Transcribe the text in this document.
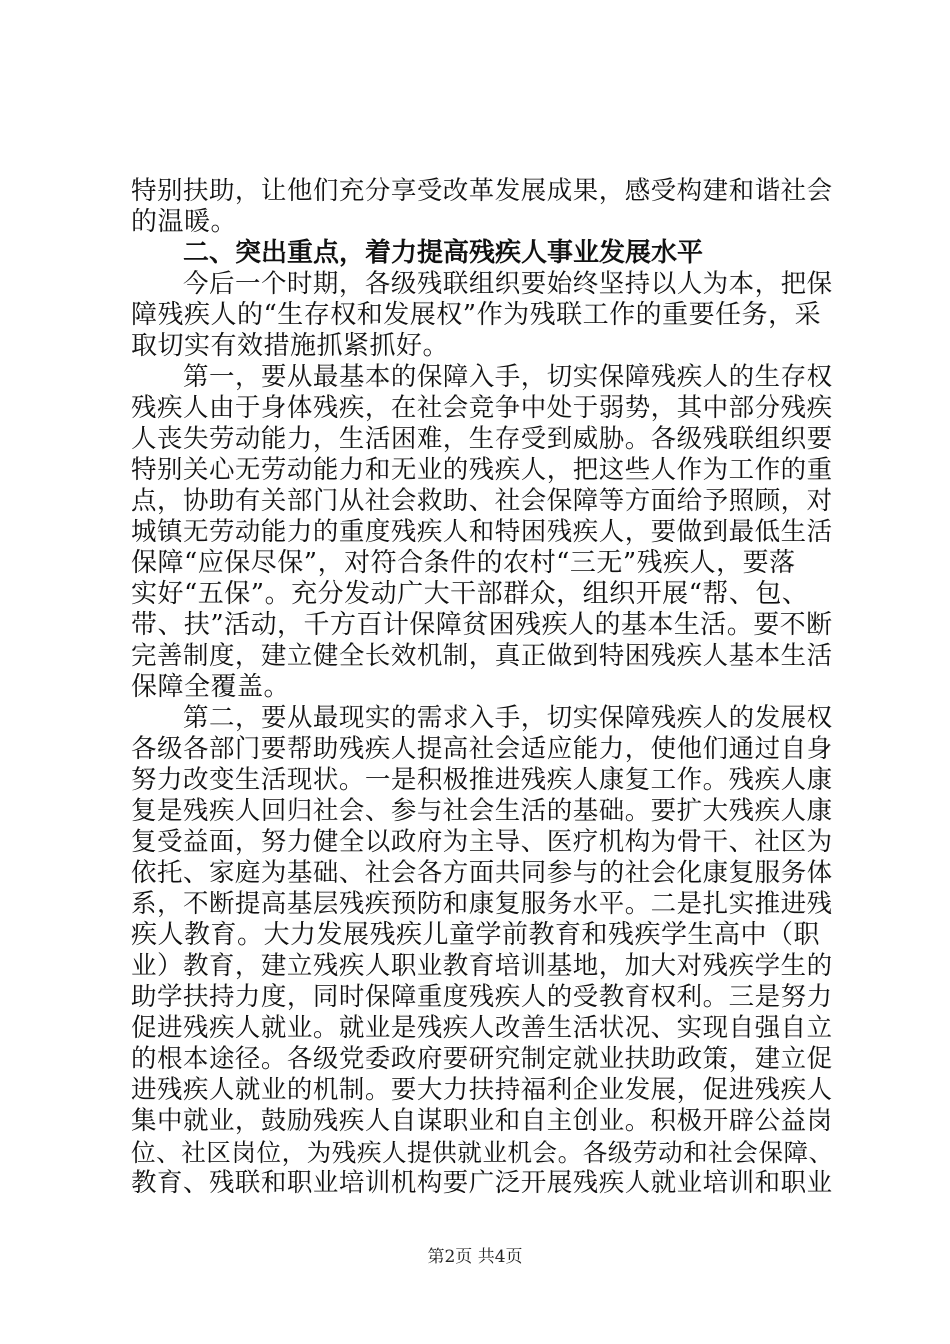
特别扶助，让他们充分享受改革发展成果，感受构建和谐社会
的温暖。
二、突出重点，着力提高残疾人事业发展水平
今后一个时期，各级残联组织要始终坚持以人为本，把保
障残疾人的“生存权和发展权”作为残联工作的重要任务，采
取切实有效措施抓紧抓好。
第一，要从最基本的保障入手，切实保障残疾人的生存权
残疾人由于身体残疾，在社会竞争中处于弱势，其中部分残疾
人丧失劳动能力，生活困难，生存受到威胁。各级残联组织要
特别关心无劳动能力和无业的残疾人，把这些人作为工作的重
点，协助有关部门从社会救助、社会保障等方面给予照顾，对
城镇无劳动能力的重度残疾人和特困残疾人，要做到最低生活
保障“应保尽保”，对符合条件的农村“三无”残疾人，要落
实好“五保”。充分发动广大干部群众，组织开展“帮、包、
带、扶”活动，千方百计保障贫困残疾人的基本生活。要不断
完善制度，建立健全长效机制，真正做到特困残疾人基本生活
保障全覆盖。
第二，要从最现实的需求入手，切实保障残疾人的发展权
各级各部门要帮助残疾人提高社会适应能力，使他们通过自身
努力改变生活现状。一是积极推进残疾人康复工作。残疾人康
复是残疾人回归社会、参与社会生活的基础。要扩大残疾人康
复受益面，努力健全以政府为主导、医疗机构为骨干、社区为
依托、家庭为基础、社会各方面共同参与的社会化康复服务体
系，不断提高基层残疾预防和康复服务水平。二是扎实推进残
疾人教育。大力发展残疾儿童学前教育和残疾学生高中（职
业）教育，建立残疾人职业教育培训基地，加大对残疾学生的
助学扶持力度，同时保障重度残疾人的受教育权利。三是努力
促进残疾人就业。就业是残疾人改善生活状况、实现自强自立
的根本途径。各级党委政府要研究制定就业扶助政策，建立促
进残疾人就业的机制。要大力扶持福利企业发展，促进残疾人
集中就业，鼓励残疾人自谋职业和自主创业。积极开辟公益岗
位、社区岗位，为残疾人提供就业机会。各级劳动和社会保障、
教育、残联和职业培训机构要广泛开展残疾人就业培训和职业
第2页 共4页
